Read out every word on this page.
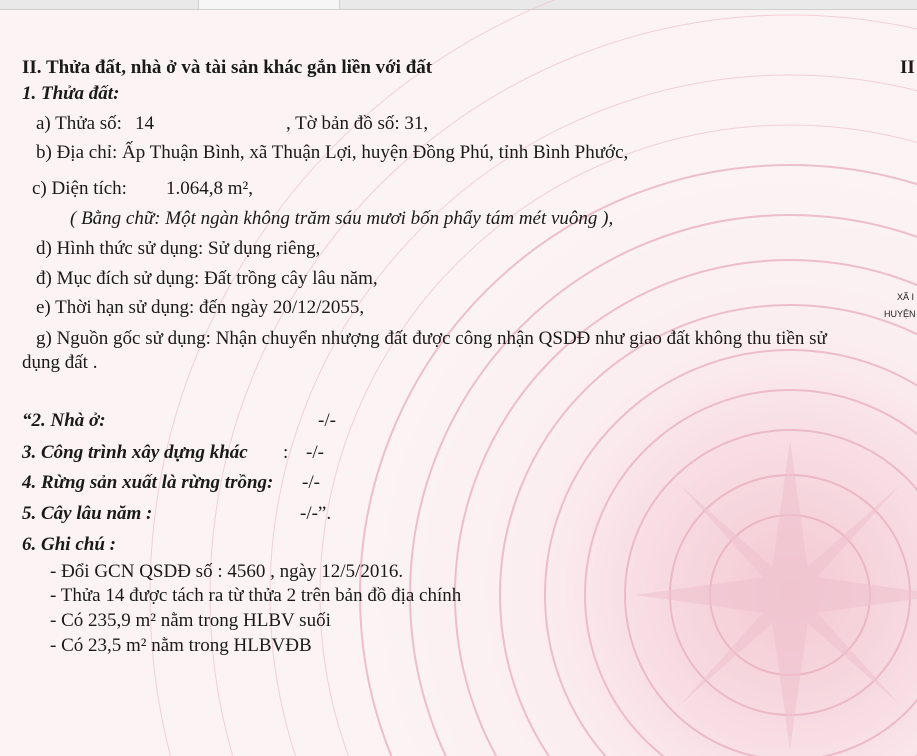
II. Thửa đất, nhà ở và tài sản khác gắn liền với đất	II
1. Thửa đất:
a) Thửa số: 14	, Tờ bản đồ số: 31,
b) Địa chỉ: Ấp Thuận Bình, xã Thuận Lợi, huyện Đồng Phú, tỉnh Bình Phước,
c) Diện tích: 1.064,8 m²,
( Bằng chữ: Một ngàn không trăm sáu mươi bốn phẩy tám mét vuông ),
d) Hình thức sử dụng: Sử dụng riêng,
đ) Mục đích sử dụng: Đất trồng cây lâu năm,
e) Thời hạn sử dụng: đến ngày 20/12/2055,	XÃ I
HUYỆN
g) Nguồn gốc sử dụng: Nhận chuyển nhượng đất được công nhận QSDĐ như giao đất không thu tiền sử
dụng đất .
“2. Nhà ở:	-/-
3. Công trình xây dựng khác : -/-
4. Rừng sản xuất là rừng trồng: -/-
5. Cây lâu năm :	-/-”.
6. Ghi chú :
- Đổi GCN QSDĐ số : 4560 , ngày 12/5/2016.
- Thửa 14 được tách ra từ thửa 2 trên bản đồ địa chính
- Có 235,9 m² nằm trong HLBV suối
- Có 23,5 m² nằm trong HLBVĐB
